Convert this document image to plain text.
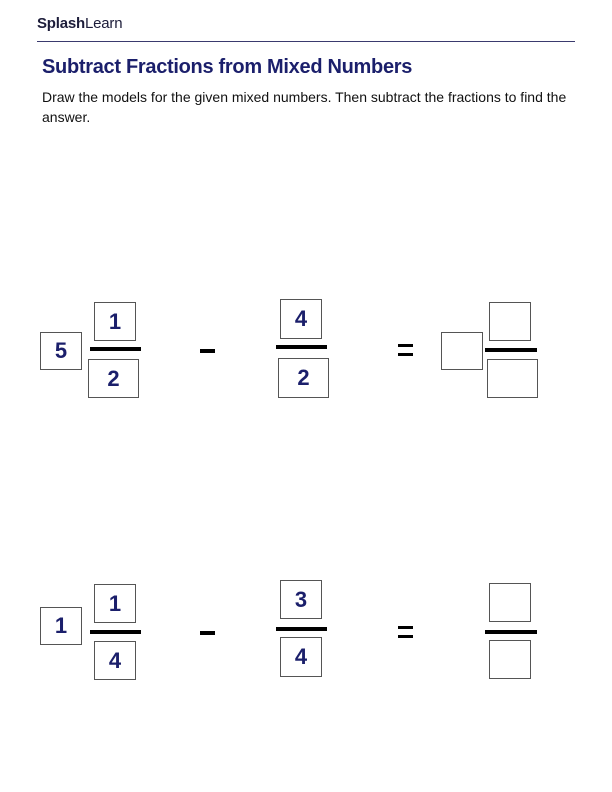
SplashLearn
Subtract Fractions from Mixed Numbers
Draw the models for the given mixed numbers. Then subtract the fractions to find the answer.
5
1
2
4
2
1
1
4
3
4
